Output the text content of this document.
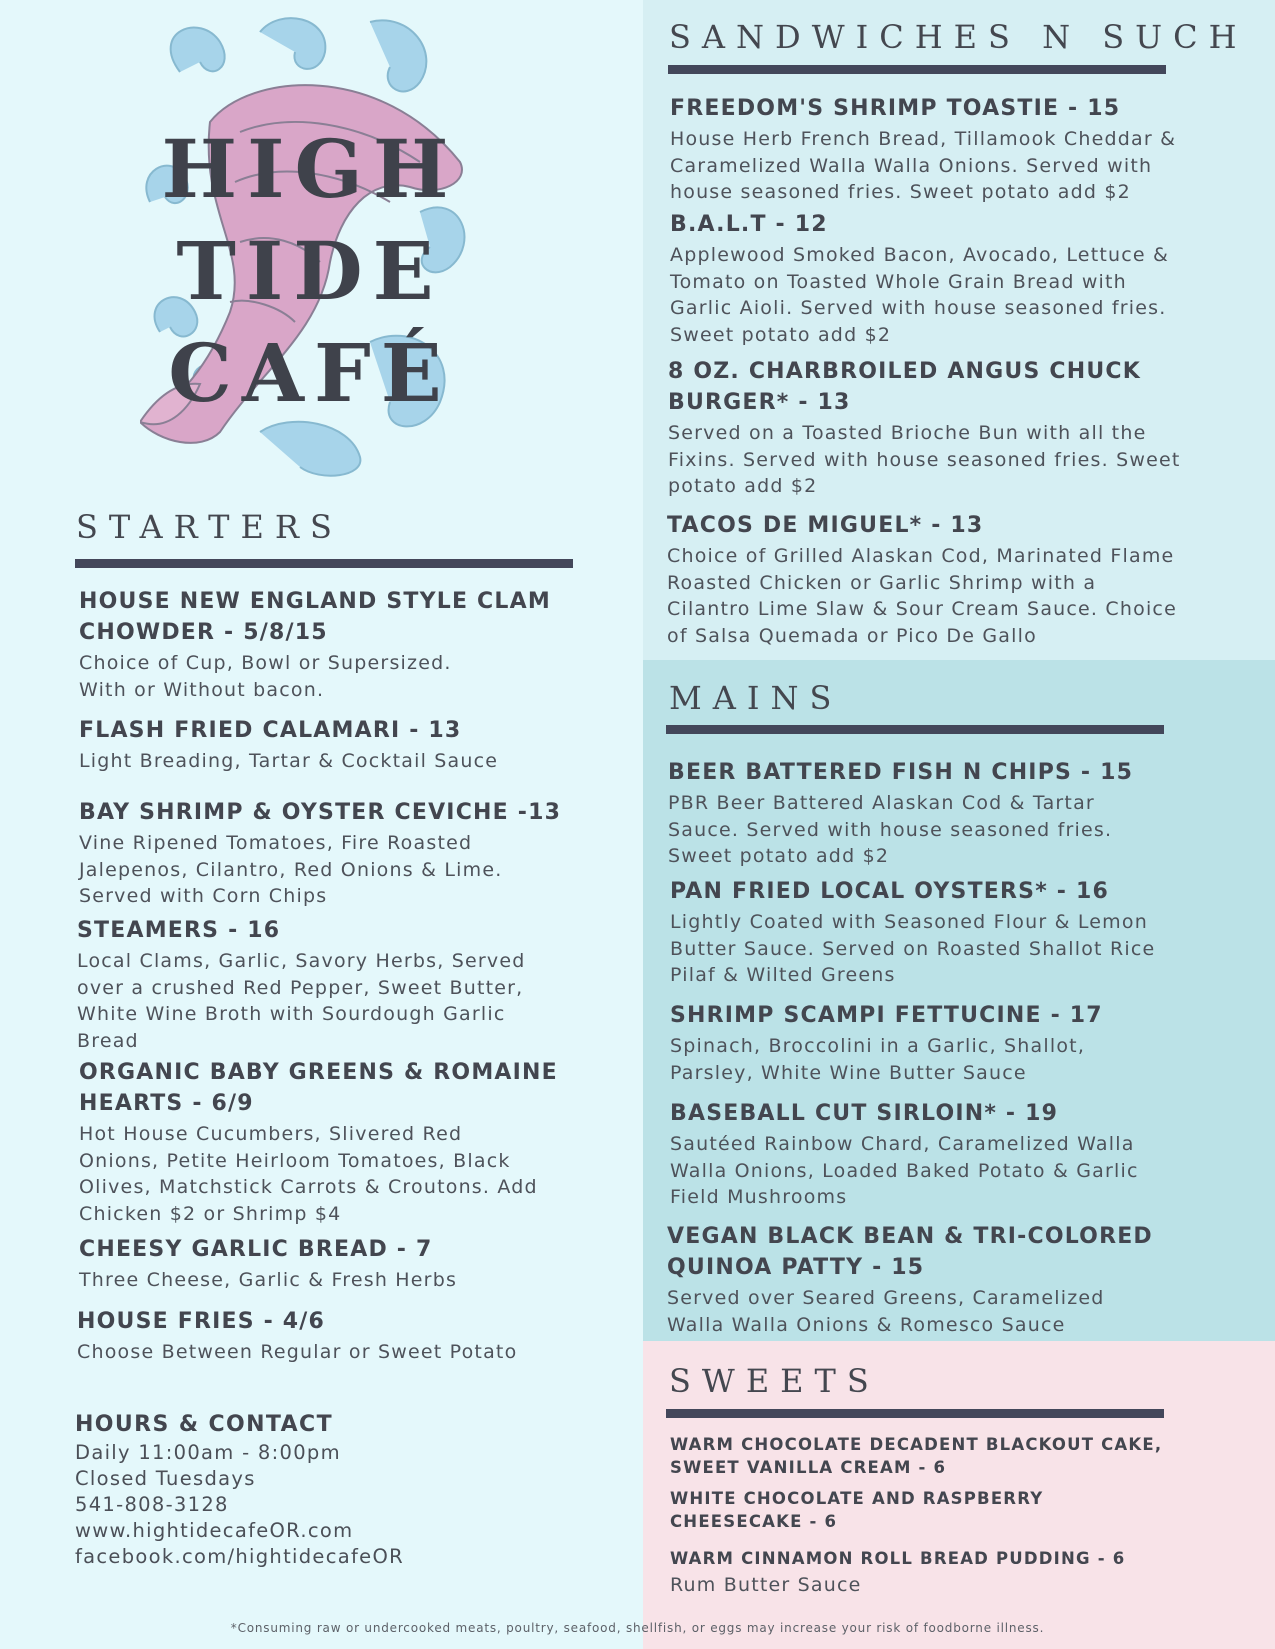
HIGH
TIDE
CAFÉ
STARTERS

HOUSE NEW ENGLAND STYLE CLAM
CHOWDER - 5/8/15

Choice of Cup, Bowl or Supersized.
With or Without bacon.

FLASH FRIED CALAMARI - 13

Light Breading, Tartar & Cocktail Sauce

BAY SHRIMP & OYSTER CEVICHE -13

Vine Ripened Tomatoes, Fire Roasted
Jalepenos, Cilantro, Red Onions & Lime.
Served with Corn Chips

STEAMERS - 16

Local Clams, Garlic, Savory Herbs, Served
over a crushed Red Pepper, Sweet Butter,
White Wine Broth with Sourdough Garlic
Bread

ORGANIC BABY GREENS & ROMAINE
HEARTS - 6/9

Hot House Cucumbers, Slivered Red
Onions, Petite Heirloom Tomatoes, Black
Olives, Matchstick Carrots & Croutons. Add
Chicken $2 or Shrimp $4

CHEESY GARLIC BREAD - 7

Three Cheese, Garlic & Fresh Herbs

HOUSE FRIES - 4/6

Choose Between Regular or Sweet Potato

HOURS & CONTACT

Daily 11:00am - 8:00pm
Closed Tuesdays
541-808-3128
www.hightidecafeOR.com
facebook.com/hightidecafeOR
SANDWICHES N SUCH

FREEDOM'S SHRIMP TOASTIE - 15

House Herb French Bread, Tillamook Cheddar &
Caramelized Walla Walla Onions. Served with
house seasoned fries. Sweet potato add $2

B.A.L.T - 12

Applewood Smoked Bacon, Avocado, Lettuce &
Tomato on Toasted Whole Grain Bread with
Garlic Aioli. Served with house seasoned fries.
Sweet potato add $2

8 OZ. CHARBROILED ANGUS CHUCK
BURGER* - 13

Served on a Toasted Brioche Bun with all the
Fixins. Served with house seasoned fries. Sweet
potato add $2

TACOS DE MIGUEL* - 13

Choice of Grilled Alaskan Cod, Marinated Flame
Roasted Chicken or Garlic Shrimp with a
Cilantro Lime Slaw & Sour Cream Sauce. Choice
of Salsa Quemada or Pico De Gallo

MAINS

BEER BATTERED FISH N CHIPS - 15

PBR Beer Battered Alaskan Cod & Tartar
Sauce. Served with house seasoned fries.
Sweet potato add $2

PAN FRIED LOCAL OYSTERS* - 16

Lightly Coated with Seasoned Flour & Lemon
Butter Sauce. Served on Roasted Shallot Rice
Pilaf & Wilted Greens

SHRIMP SCAMPI FETTUCINE - 17

Spinach, Broccolini in a Garlic, Shallot,
Parsley, White Wine Butter Sauce

BASEBALL CUT SIRLOIN* - 19

Sautéed Rainbow Chard, Caramelized Walla
Walla Onions, Loaded Baked Potato & Garlic
Field Mushrooms

VEGAN BLACK BEAN & TRI-COLORED
QUINOA PATTY - 15

Served over Seared Greens, Caramelized
Walla Walla Onions & Romesco Sauce

SWEETS

WARM CHOCOLATE DECADENT BLACKOUT CAKE,
SWEET VANILLA CREAM - 6

WHITE CHOCOLATE AND RASPBERRY
CHEESECAKE - 6

WARM CINNAMON ROLL BREAD PUDDING - 6

Rum Butter Sauce

*Consuming raw or undercooked meats, poultry, seafood, shellfish, or eggs may increase your risk of foodborne illness.
